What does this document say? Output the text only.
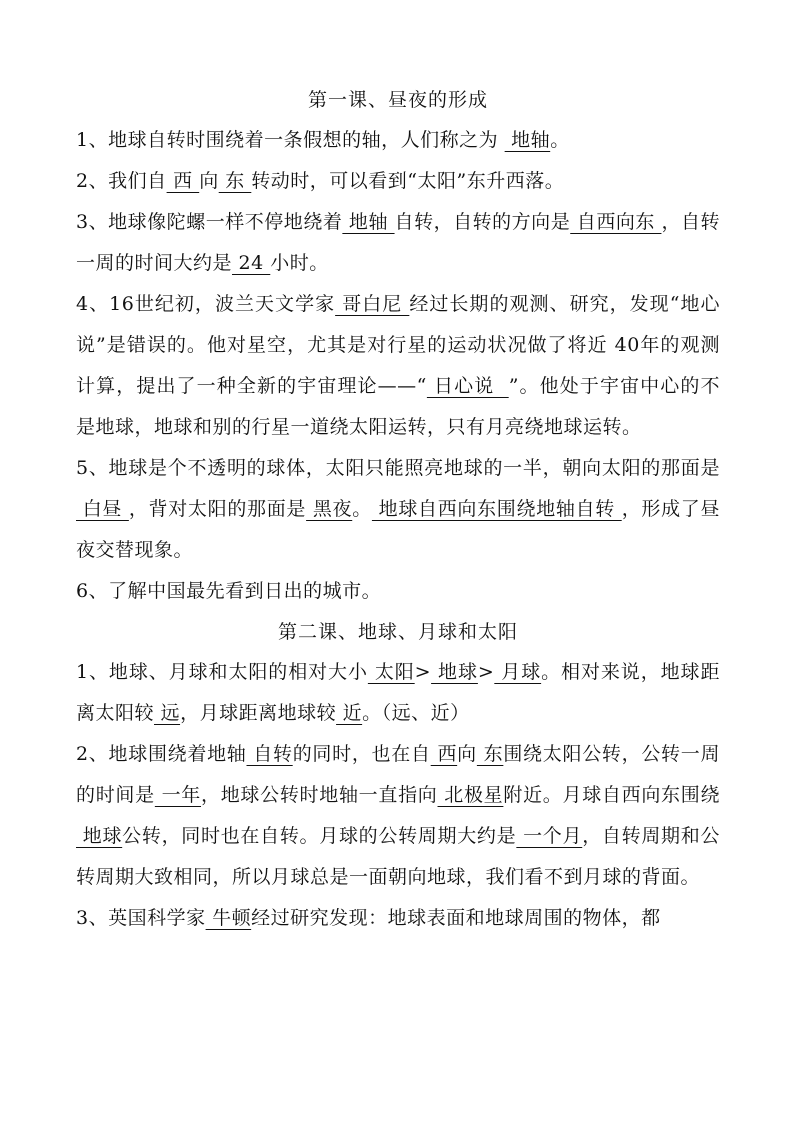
第一课、昼夜的形成

1、地球自转时围绕着一条假想的轴，人们称之为  地轴。

2、我们自 西 向 东 转动时，可以看到“太阳”东升西落。

3、地球像陀螺一样不停地绕着 地轴 自转，自转的方向是 自西向东 ，自转一周的时间大约是 24 小时。

4、16世纪初，波兰天文学家 哥白尼 经过长期的观测、研究，发现“地心说”是错误的。他对星空，尤其是对行星的运动状况做了将近 40年的观测计算，提出了一种全新的宇宙理论——“ 日心说  ”。他处于宇宙中心的不是地球，地球和别的行星一道绕太阳运转，只有月亮绕地球运转。

5、地球是个不透明的球体，太阳只能照亮地球的一半，朝向太阳的那面是 白昼 ，背对太阳的那面是 黑夜。 地球自西向东围绕地轴自转 ，形成了昼夜交替现象。

6、了解中国最先看到日出的城市。

第二课、地球、月球和太阳

1、地球、月球和太阳的相对大小 太阳> 地球> 月球。相对来说，地球距离太阳较 远，月球距离地球较 近。（远、近）

2、地球围绕着地轴 自转的同时，也在自 西向 东围绕太阳公转，公转一周的时间是 一年，地球公转时地轴一直指向 北极星附近。月球自西向东围绕 地球公转，同时也在自转。月球的公转周期大约是 一个月，自转周期和公转周期大致相同，所以月球总是一面朝向地球，我们看不到月球的背面。

3、英国科学家 牛顿经过研究发现：地球表面和地球周围的物体，都
